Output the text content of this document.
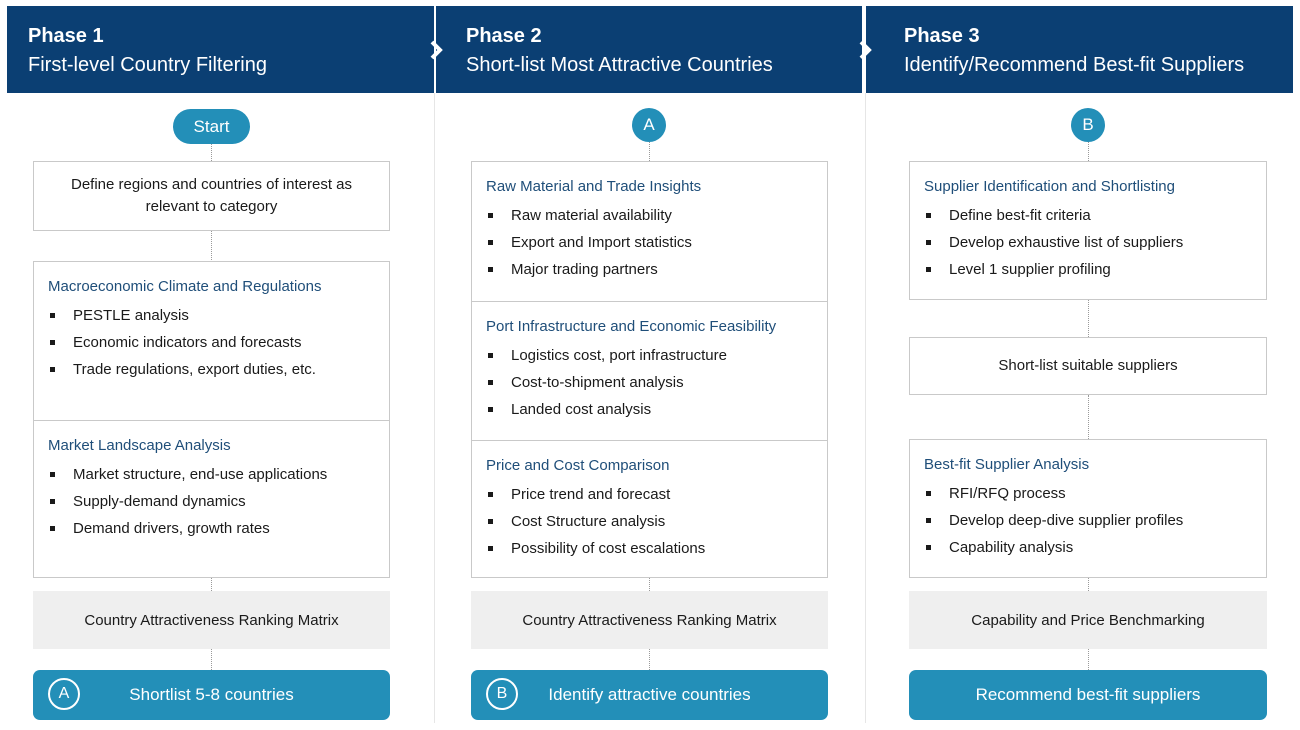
Phase 1
First-level Country Filtering
Phase 2
Short-list Most Attractive Countries
Phase 3
Identify/Recommend Best-fit Suppliers
Start
Define regions and countries of interest as relevant to category
Macroeconomic Climate and Regulations
PESTLE analysis
Economic indicators and forecasts
Trade regulations, export duties, etc.
Market Landscape Analysis
Market structure, end-use applications
Supply-demand dynamics
Demand drivers, growth rates
Country Attractiveness Ranking Matrix
A	Shortlist 5-8 countries
A
Raw Material and Trade Insights
Raw material availability
Export and Import statistics
Major trading partners
Port Infrastructure and Economic Feasibility
Logistics cost, port infrastructure
Cost-to-shipment analysis
Landed cost analysis
Price and Cost Comparison
Price trend and forecast
Cost Structure analysis
Possibility of cost escalations
Country Attractiveness Ranking Matrix
B	Identify attractive countries
B
Supplier Identification and Shortlisting
Define best-fit criteria
Develop exhaustive list of suppliers
Level 1 supplier profiling
Short-list suitable suppliers
Best-fit Supplier Analysis
RFI/RFQ process
Develop deep-dive supplier profiles
Capability analysis
Capability and Price Benchmarking
Recommend best-fit suppliers
